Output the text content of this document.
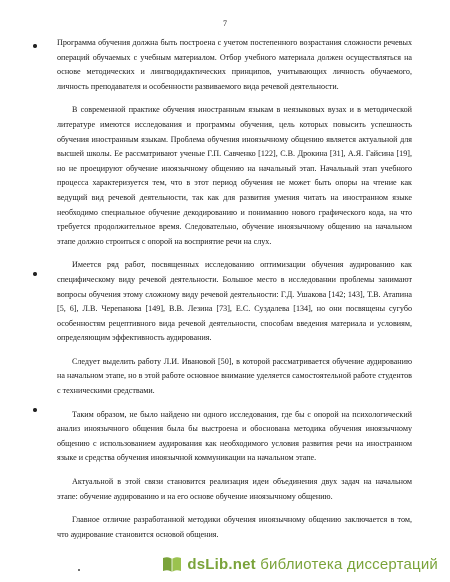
7

Программа обучения должна быть построена с учетом постепенного возрастания сложности речевых операций обучаемых с учебным материалом. Отбор учебного материала должен осуществляться на основе методических и лингводидактических принципов, учитывающих личность обучаемого, личность преподавателя и особенности развиваемого вида речевой деятельности.

В современной практике обучения иностранным языкам в неязыковых вузах и в методической литературе имеются исследования и программы обучения, цель которых повысить успешность обучения иностранным языкам. Проблема обучения иноязычному общению является актуальной для высшей школы. Ее рассматривают ученые Г.П. Савченко [122], С.В. Дрокина [31], А.Я. Гайсина [19], но не проецируют обучение иноязычному общению на начальный этап. Начальный этап учебного процесса характеризуется тем, что в этот период обучения не может быть опоры на чтение как ведущий вид речевой деятельности, так как для развития умения читать на иностранном языке необходимо специальное обучение декодированию и пониманию нового графического кода, на что требуется продолжительное время. Следовательно, обучение иноязычному общению на начальном этапе должно строиться с опорой на восприятие речи на слух.

Имеется ряд работ, посвященных исследованию оптимизации обучения аудированию как специфическому виду речевой деятельности. Большое место в исследовании проблемы занимают вопросы обучения этому сложному виду речевой деятельности: Г.Д. Ушакова [142; 143], Т.В. Атапина [5, 6], Л.В. Черепанова [149], В.В. Лезина [73], Е.С. Суздалева [134], но они посвящены сугубо особенностям рецептивного вида речевой деятельности, способам введения материала и условиям, определяющим эффективность аудирования.

Следует выделить работу Л.И. Ивановой [50], в которой рассматривается обучение аудированию на начальном этапе, но в этой работе основное внимание уделяется самостоятельной работе студентов с техническими средствами.

Таким образом, не было найдено ни одного исследования, где бы с опорой на психологический анализ иноязычного общения была бы выстроена и обоснована методика обучения иноязычному общению с использованием аудирования как необходимого условия развития речи на иностранном языке и средства обучения иноязычной коммуникации на начальном этапе.

Актуальной в этой связи становится реализация идеи объединения двух задач на начальном этапе: обучение аудированию и на его основе обучение иноязычному общению.

Главное отличие разработанной методики обучения иноязычному общению заключается в том, что аудирование становится основой общения.

dsLib.net библиотека диссертаций
